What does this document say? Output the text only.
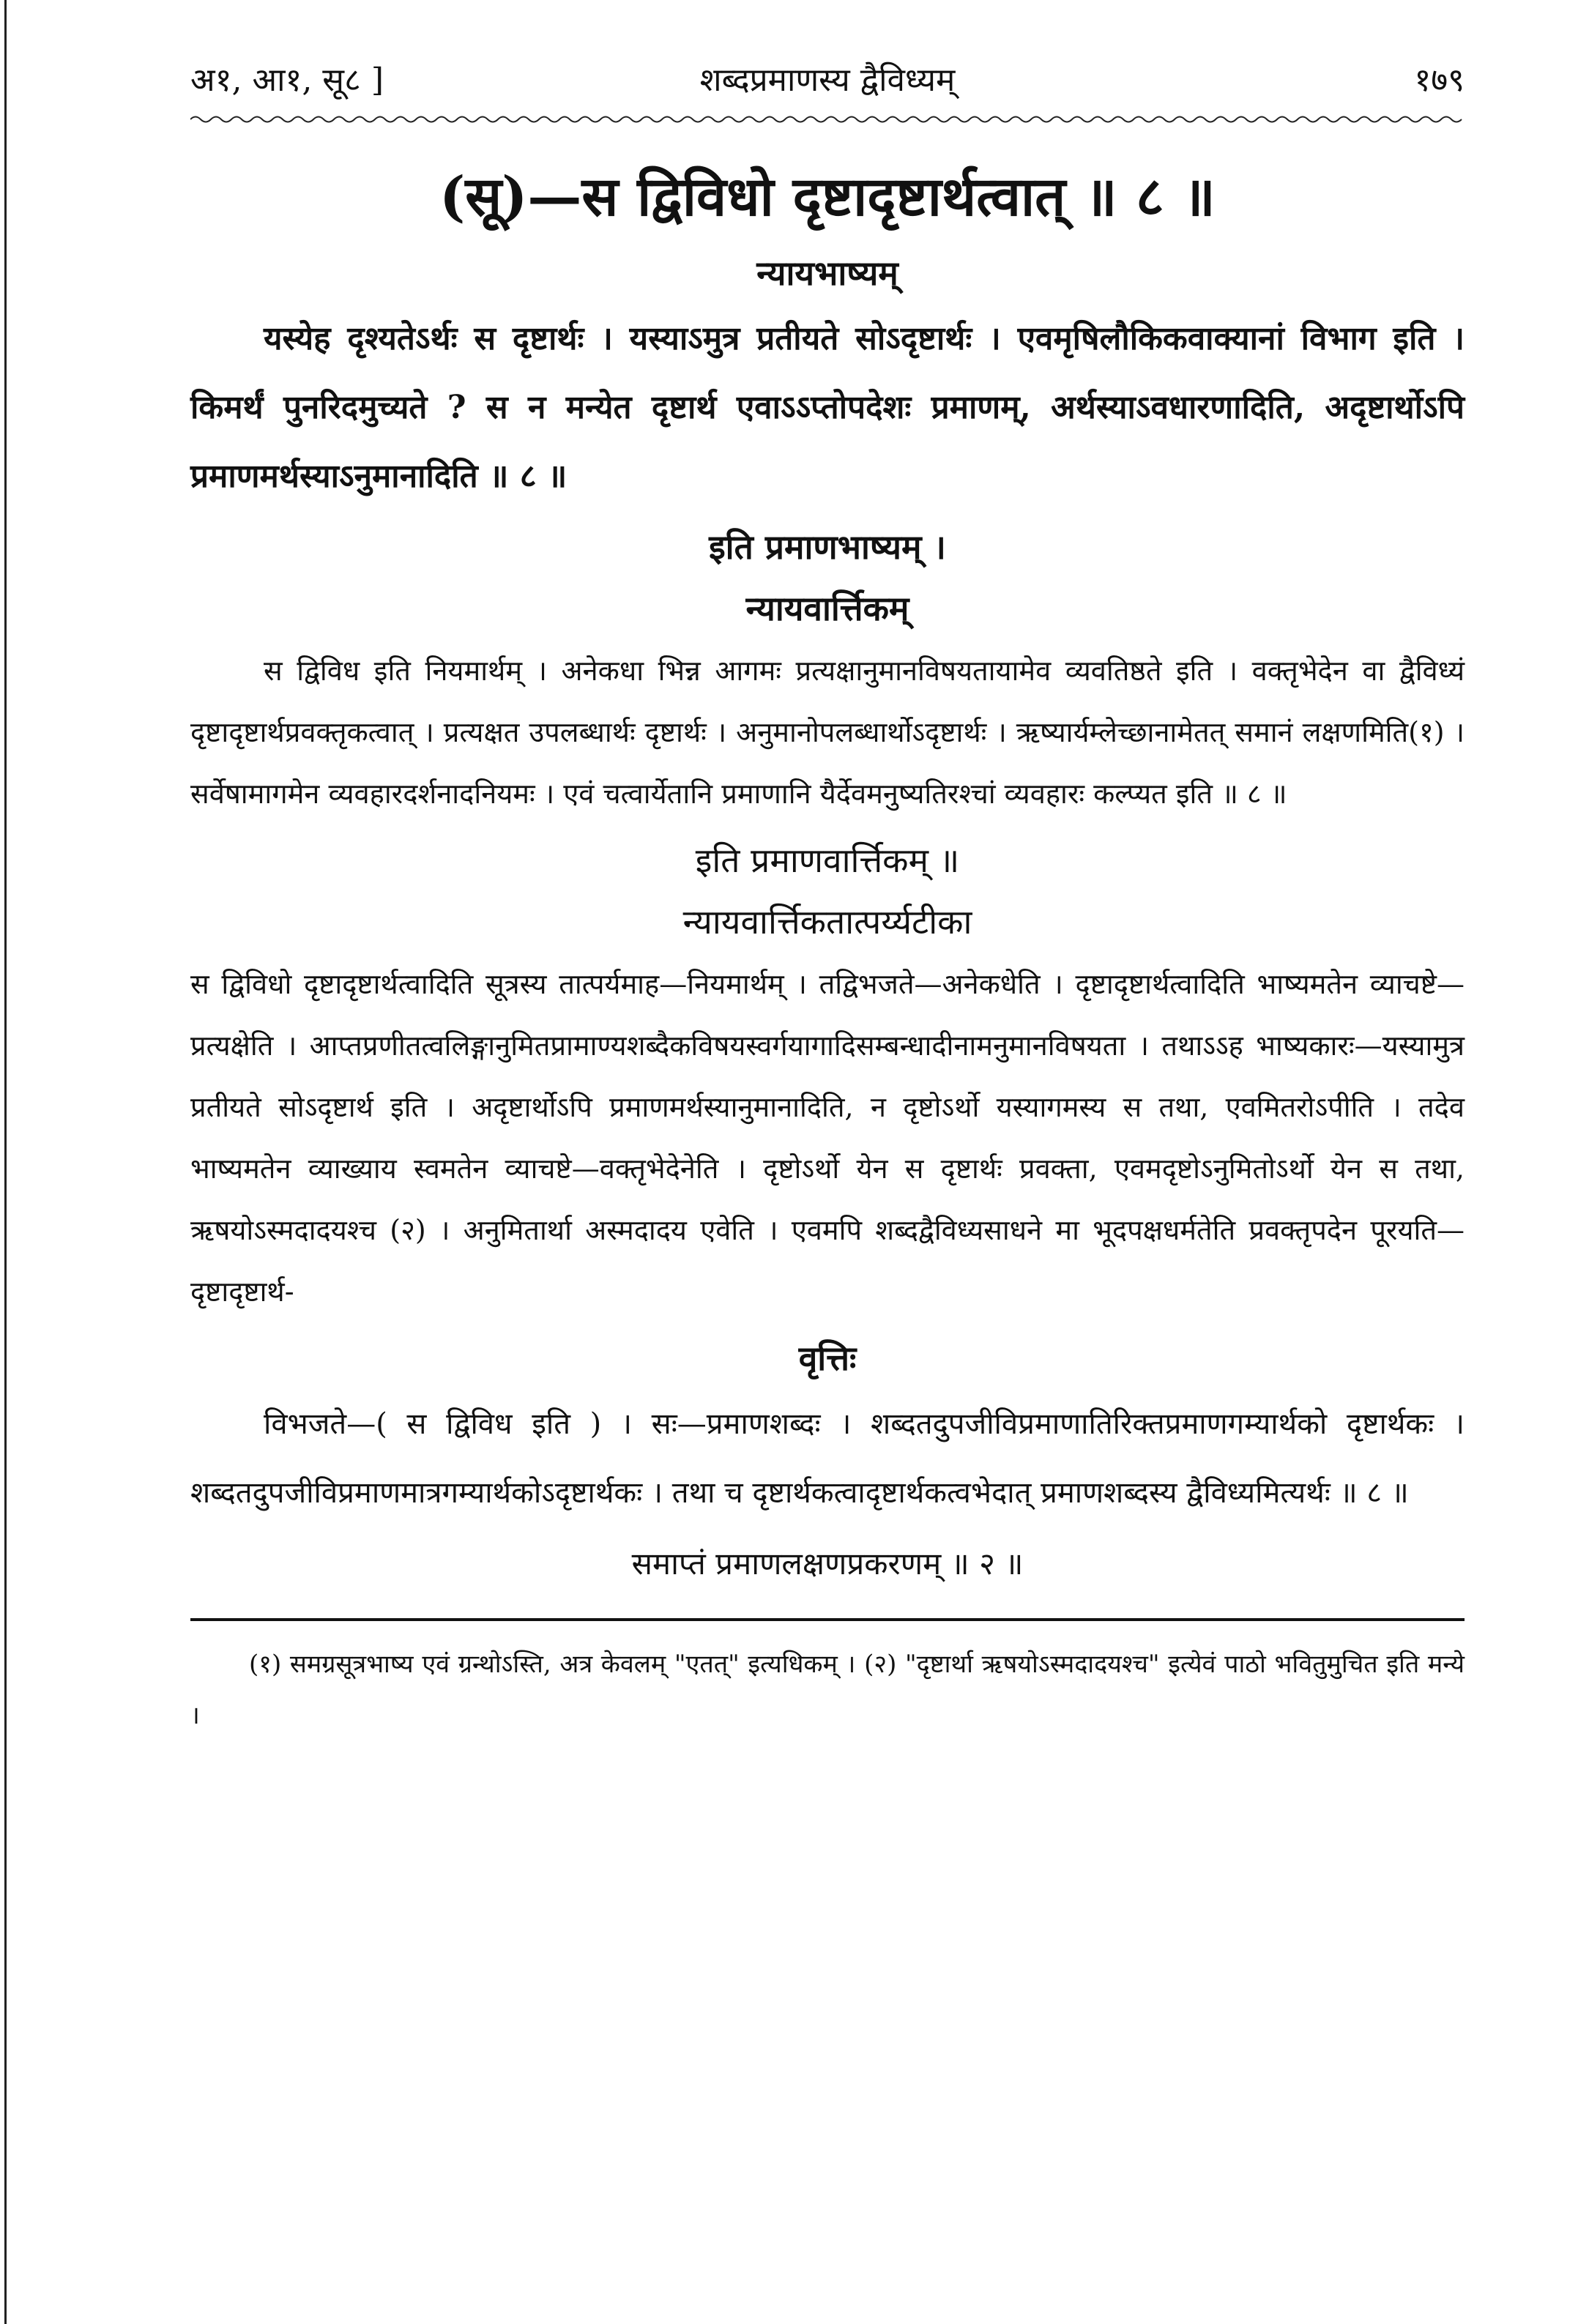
अ१, आ१, सू८ ]	शब्दप्रमाणस्य द्वैविध्यम्	१७९
(सू)—स द्विविधो दृष्टादृष्टार्थत्वात् ॥ ८ ॥
न्यायभाष्यम्

यस्येह दृश्यतेऽर्थः स दृष्टार्थः । यस्याऽमुत्र प्रतीयते सोऽदृष्टार्थः । एवमृषिलौकिकवाक्यानां विभाग इति । किमर्थं पुनरिदमुच्यते ? स न मन्येत दृष्टार्थ एवाऽऽप्तोपदेशः प्रमाणम्, अर्थस्याऽवधारणादिति, अदृष्टार्थोऽपि प्रमाणमर्थस्याऽनुमानादिति ॥ ८ ॥

इति प्रमाणभाष्यम् ।
न्यायवार्त्तिकम्

स द्विविध इति नियमार्थम् । अनेकधा भिन्न आगमः प्रत्यक्षानुमानविषयतायामेव व्यवतिष्ठते इति । वक्तृभेदेन वा द्वैविध्यं दृष्टादृष्टार्थप्रवक्तृकत्वात् । प्रत्यक्षत उपलब्धार्थः दृष्टार्थः । अनुमानोपलब्धार्थोऽदृष्टार्थः । ऋष्यार्यम्लेच्छानामेतत् समानं लक्षणमिति(१) । सर्वेषामागमेन व्यवहारदर्शनादनियमः । एवं चत्वार्येतानि प्रमाणानि यैर्देवमनुष्यतिरश्चां व्यवहारः कल्प्यत इति ॥ ८ ॥

इति प्रमाणवार्त्तिकम् ॥
न्यायवार्त्तिकतात्पर्य्यटीका

स द्विविधो दृष्टादृष्टार्थत्वादिति सूत्रस्य तात्पर्यमाह—नियमार्थम् । तद्विभजते—अनेकधेति । दृष्टादृष्टार्थत्वादिति भाष्यमतेन व्याचष्टे—प्रत्यक्षेति । आप्तप्रणीतत्वलिङ्गानुमितप्रामाण्यशब्दैकविषयस्वर्गयागादिसम्बन्धादीनामनुमानविषयता । तथाऽऽह भाष्यकारः—यस्यामुत्र प्रतीयते सोऽदृष्टार्थ इति । अदृष्टार्थोऽपि प्रमाणमर्थस्यानुमानादिति, न दृष्टोऽर्थो यस्यागमस्य स तथा, एवमितरोऽपीति । तदेव भाष्यमतेन व्याख्याय स्वमतेन व्याचष्टे—वक्तृभेदेनेति । दृष्टोऽर्थो येन स दृष्टार्थः प्रवक्ता, एवमदृष्टोऽनुमितोऽर्थो येन स तथा, ऋषयोऽस्मदादयश्च (२) । अनुमितार्था अस्मदादय एवेति । एवमपि शब्दद्वैविध्यसाधने मा भूदपक्षधर्मतेति प्रवक्तृपदेन पूरयति—दृष्टादृष्टार्थ-

वृत्तिः

विभजते—( स द्विविध इति ) । सः—प्रमाणशब्दः । शब्दतदुपजीविप्रमाणातिरिक्तप्रमाणगम्यार्थको दृष्टार्थकः । शब्दतदुपजीविप्रमाणमात्रगम्यार्थकोऽदृष्टार्थकः । तथा च दृष्टार्थकत्वादृष्टार्थकत्वभेदात् प्रमाणशब्दस्य द्वैविध्यमित्यर्थः ॥ ८ ॥

समाप्तं प्रमाणलक्षणप्रकरणम् ॥ २ ॥
(१) समग्रसूत्रभाष्य एवं ग्रन्थोऽस्ति, अत्र केवलम् "एतत्" इत्यधिकम् । (२) "दृष्टार्था ऋषयोऽस्मदादयश्च" इत्येवं पाठो भवितुमुचित इति मन्ये ।
